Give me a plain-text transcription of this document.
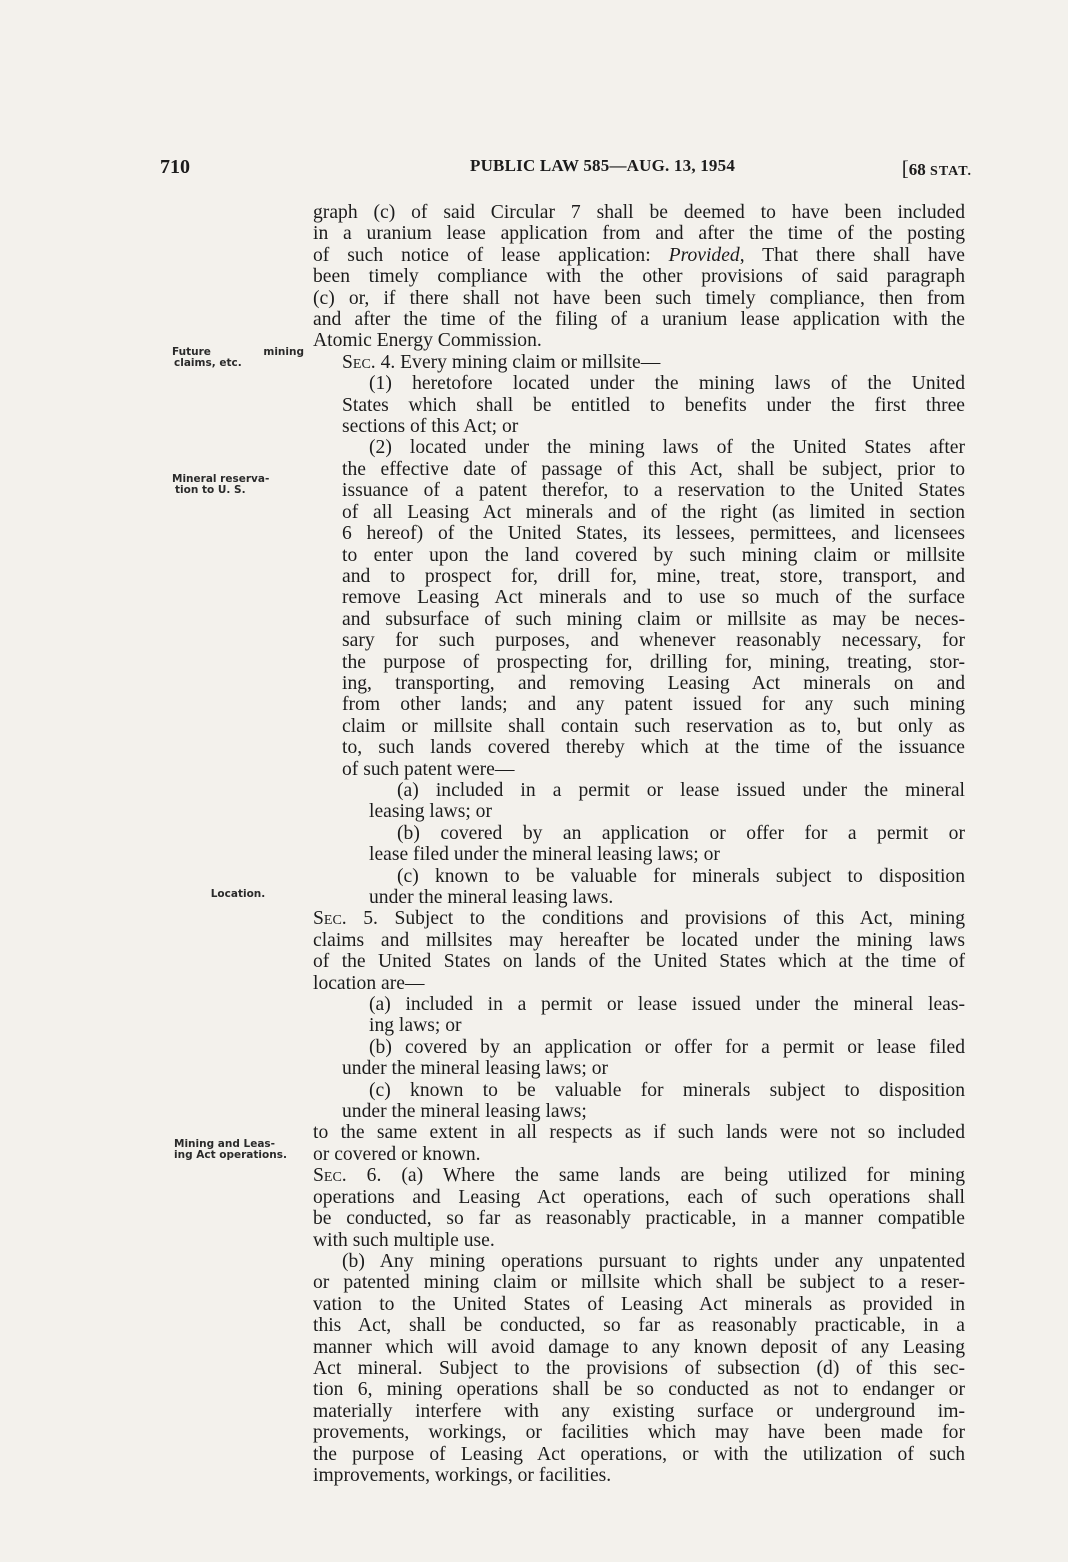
710	PUBLIC LAW 585—AUG. 13, 1954	[68 STAT.
Future mining
claims, etc.
Mineral reserva-
tion to U. S.
Location.
Mining and Leas-
ing Act operations.
graph (c) of said Circular 7 shall be deemed to have been included
in a uranium lease application from and after the time of the posting
of such notice of lease application: Provided, That there shall have
been timely compliance with the other provisions of said paragraph
(c) or, if there shall not have been such timely compliance, then from
and after the time of the filing of a uranium lease application with the
Atomic Energy Commission.
Sec. 4. Every mining claim or millsite—
(1) heretofore located under the mining laws of the United
States which shall be entitled to benefits under the first three
sections of this Act; or
(2) located under the mining laws of the United States after
the effective date of passage of this Act, shall be subject, prior to
issuance of a patent therefor, to a reservation to the United States
of all Leasing Act minerals and of the right (as limited in section
6 hereof) of the United States, its lessees, permittees, and licensees
to enter upon the land covered by such mining claim or millsite
and to prospect for, drill for, mine, treat, store, transport, and
remove Leasing Act minerals and to use so much of the surface
and subsurface of such mining claim or millsite as may be neces-
sary for such purposes, and whenever reasonably necessary, for
the purpose of prospecting for, drilling for, mining, treating, stor-
ing, transporting, and removing Leasing Act minerals on and
from other lands; and any patent issued for any such mining
claim or millsite shall contain such reservation as to, but only as
to, such lands covered thereby which at the time of the issuance
of such patent were—
(a) included in a permit or lease issued under the mineral
leasing laws; or
(b) covered by an application or offer for a permit or
lease filed under the mineral leasing laws; or
(c) known to be valuable for minerals subject to disposition
under the mineral leasing laws.
Sec. 5. Subject to the conditions and provisions of this Act, mining
claims and millsites may hereafter be located under the mining laws
of the United States on lands of the United States which at the time of
location are—
(a) included in a permit or lease issued under the mineral leas-
ing laws; or
(b) covered by an application or offer for a permit or lease filed
under the mineral leasing laws; or
(c) known to be valuable for minerals subject to disposition
under the mineral leasing laws;
to the same extent in all respects as if such lands were not so included
or covered or known.
Sec. 6. (a) Where the same lands are being utilized for mining
operations and Leasing Act operations, each of such operations shall
be conducted, so far as reasonably practicable, in a manner compatible
with such multiple use.
(b) Any mining operations pursuant to rights under any unpatented
or patented mining claim or millsite which shall be subject to a reser-
vation to the United States of Leasing Act minerals as provided in
this Act, shall be conducted, so far as reasonably practicable, in a
manner which will avoid damage to any known deposit of any Leasing
Act mineral. Subject to the provisions of subsection (d) of this sec-
tion 6, mining operations shall be so conducted as not to endanger or
materially interfere with any existing surface or underground im-
provements, workings, or facilities which may have been made for
the purpose of Leasing Act operations, or with the utilization of such
improvements, workings, or facilities.
